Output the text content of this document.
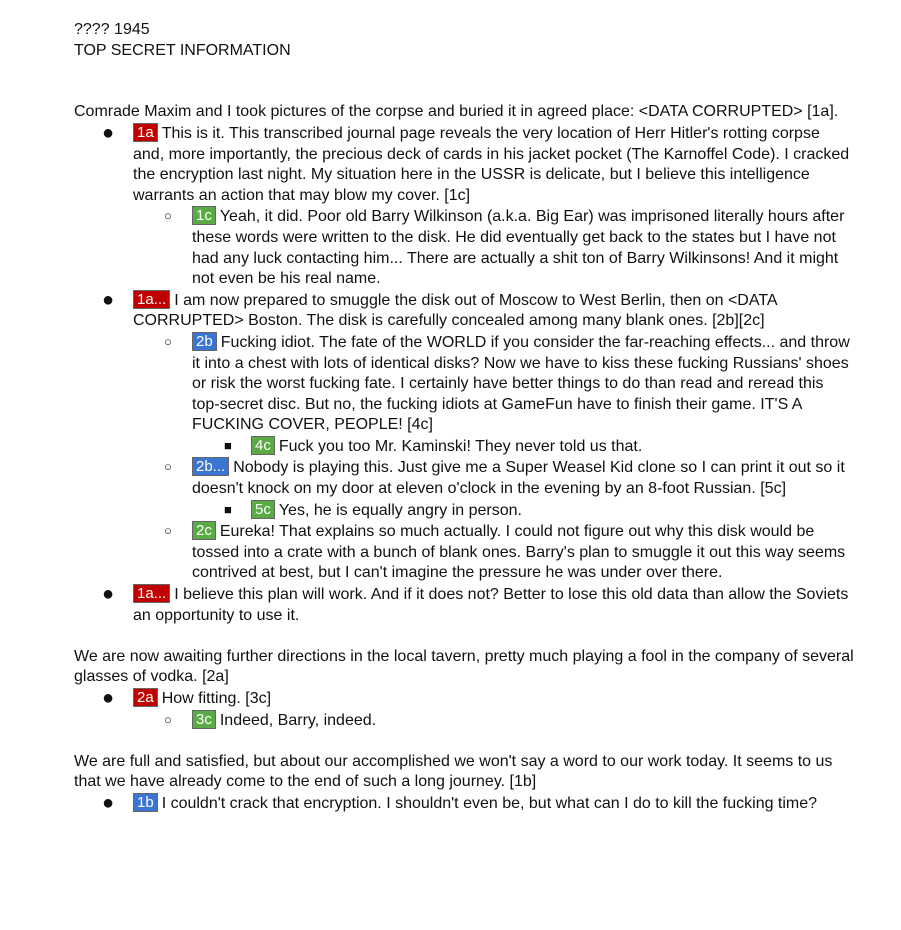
???? 1945

TOP SECRET INFORMATION

Comrade Maxim and I took pictures of the corpse and buried it in agreed place: <DATA CORRUPTED> [1a].

● 1a This is it. This transcribed journal page reveals the very location of Herr Hitler's rotting corpse and, more importantly, the precious deck of cards in his jacket pocket (The Karnoffel Code). I cracked the encryption last night. My situation here in the USSR is delicate, but I believe this intelligence warrants an action that may blow my cover. [1c]
○ 1c Yeah, it did. Poor old Barry Wilkinson (a.k.a. Big Ear) was imprisoned literally hours after these words were written to the disk. He did eventually get back to the states but I have not had any luck contacting him... There are actually a shit ton of Barry Wilkinsons! And it might not even be his real name.
● 1a... I am now prepared to smuggle the disk out of Moscow to West Berlin, then on <DATA CORRUPTED> Boston. The disk is carefully concealed among many blank ones. [2b][2c]
○ 2b Fucking idiot. The fate of the WORLD if you consider the far-reaching effects... and throw it into a chest with lots of identical disks? Now we have to kiss these fucking Russians' shoes or risk the worst fucking fate. I certainly have better things to do than read and reread this top-secret disc. But no, the fucking idiots at GameFun have to finish their game. IT'S A FUCKING COVER, PEOPLE! [4c]
■ 4c Fuck you too Mr. Kaminski! They never told us that.
○ 2b... Nobody is playing this. Just give me a Super Weasel Kid clone so I can print it out so it doesn't knock on my door at eleven o'clock in the evening by an 8-foot Russian. [5c]
■ 5c Yes, he is equally angry in person.
○ 2c Eureka! That explains so much actually. I could not figure out why this disk would be tossed into a crate with a bunch of blank ones. Barry's plan to smuggle it out this way seems contrived at best, but I can't imagine the pressure he was under over there.
● 1a... I believe this plan will work. And if it does not? Better to lose this old data than allow the Soviets an opportunity to use it.

We are now awaiting further directions in the local tavern, pretty much playing a fool in the company of several glasses of vodka. [2a]

● 2a How fitting. [3c]
○ 3c Indeed, Barry, indeed.

We are full and satisfied, but about our accomplished we won't say a word to our work today. It seems to us that we have already come to the end of such a long journey. [1b]

● 1b I couldn't crack that encryption. I shouldn't even be, but what can I do to kill the fucking time?
